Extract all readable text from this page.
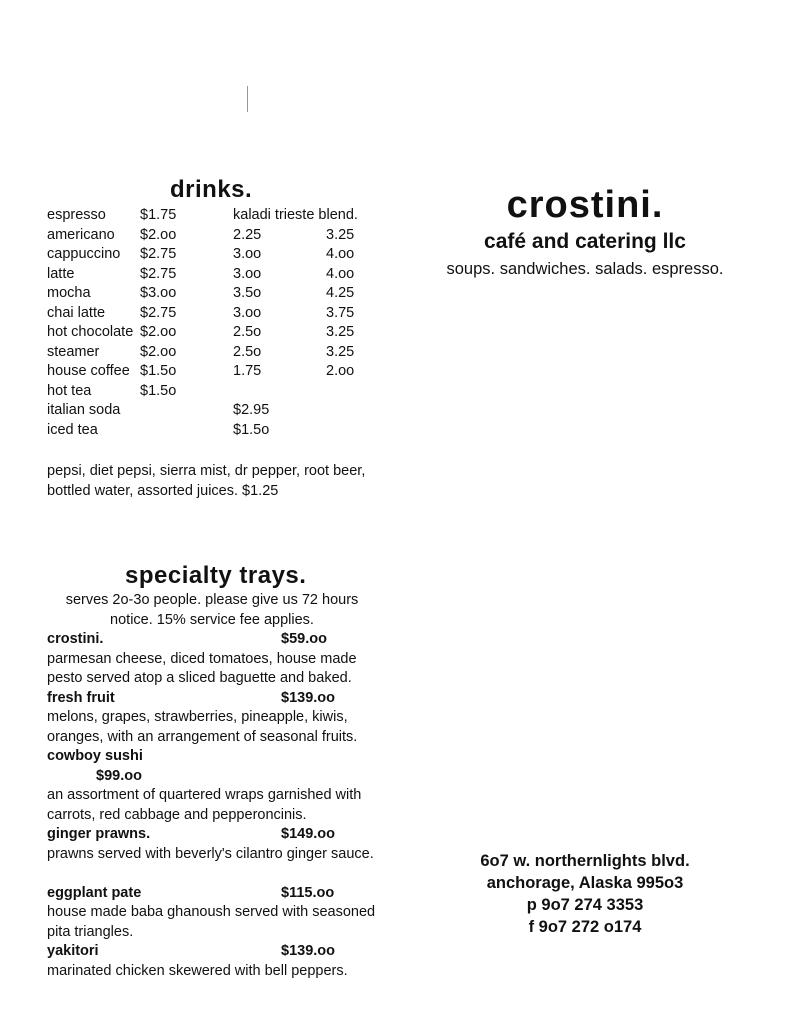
drinks.
kaladi trieste blend.
espresso $1.75
americano $2.oo	2.25	3.25
cappuccino $2.75	3.oo	4.oo
latte	$2.75	3.oo	4.oo
mocha	$3.oo	3.5o	4.25
chai latte $2.75	3.oo	3.75
hot chocolate $2.oo	2.5o	3.25
steamer	$2.oo	2.5o	3.25
house coffee $1.5o	1.75	2.oo
hot tea	$1.5o
italian soda	$2.95
iced tea	$1.5o
pepsi, diet pepsi, sierra mist, dr pepper, root beer, bottled water, assorted juices. $1.25
specialty trays.
serves 2o-3o people. please give us 72 hours notice. 15% service fee applies.
crostini.	$59.oo
parmesan cheese, diced tomatoes, house made pesto served atop a sliced baguette and baked.
fresh fruit	$139.oo
melons, grapes, strawberries, pineapple, kiwis, oranges, with an arrangement of seasonal fruits.
cowboy sushi
$99.oo
an assortment of quartered wraps garnished with carrots, red cabbage and pepperoncinis.
ginger prawns.	$149.oo
prawns served with beverly's cilantro ginger sauce.
eggplant pate	$115.oo
house made baba ghanoush served with seasoned pita triangles.
yakitori	$139.oo
marinated chicken skewered with bell peppers.
crostini.
café and catering llc
soups. sandwiches. salads. espresso.
6o7 w. northernlights blvd.
anchorage, Alaska 995o3
p 9o7 274 3353
f 9o7 272 o174
